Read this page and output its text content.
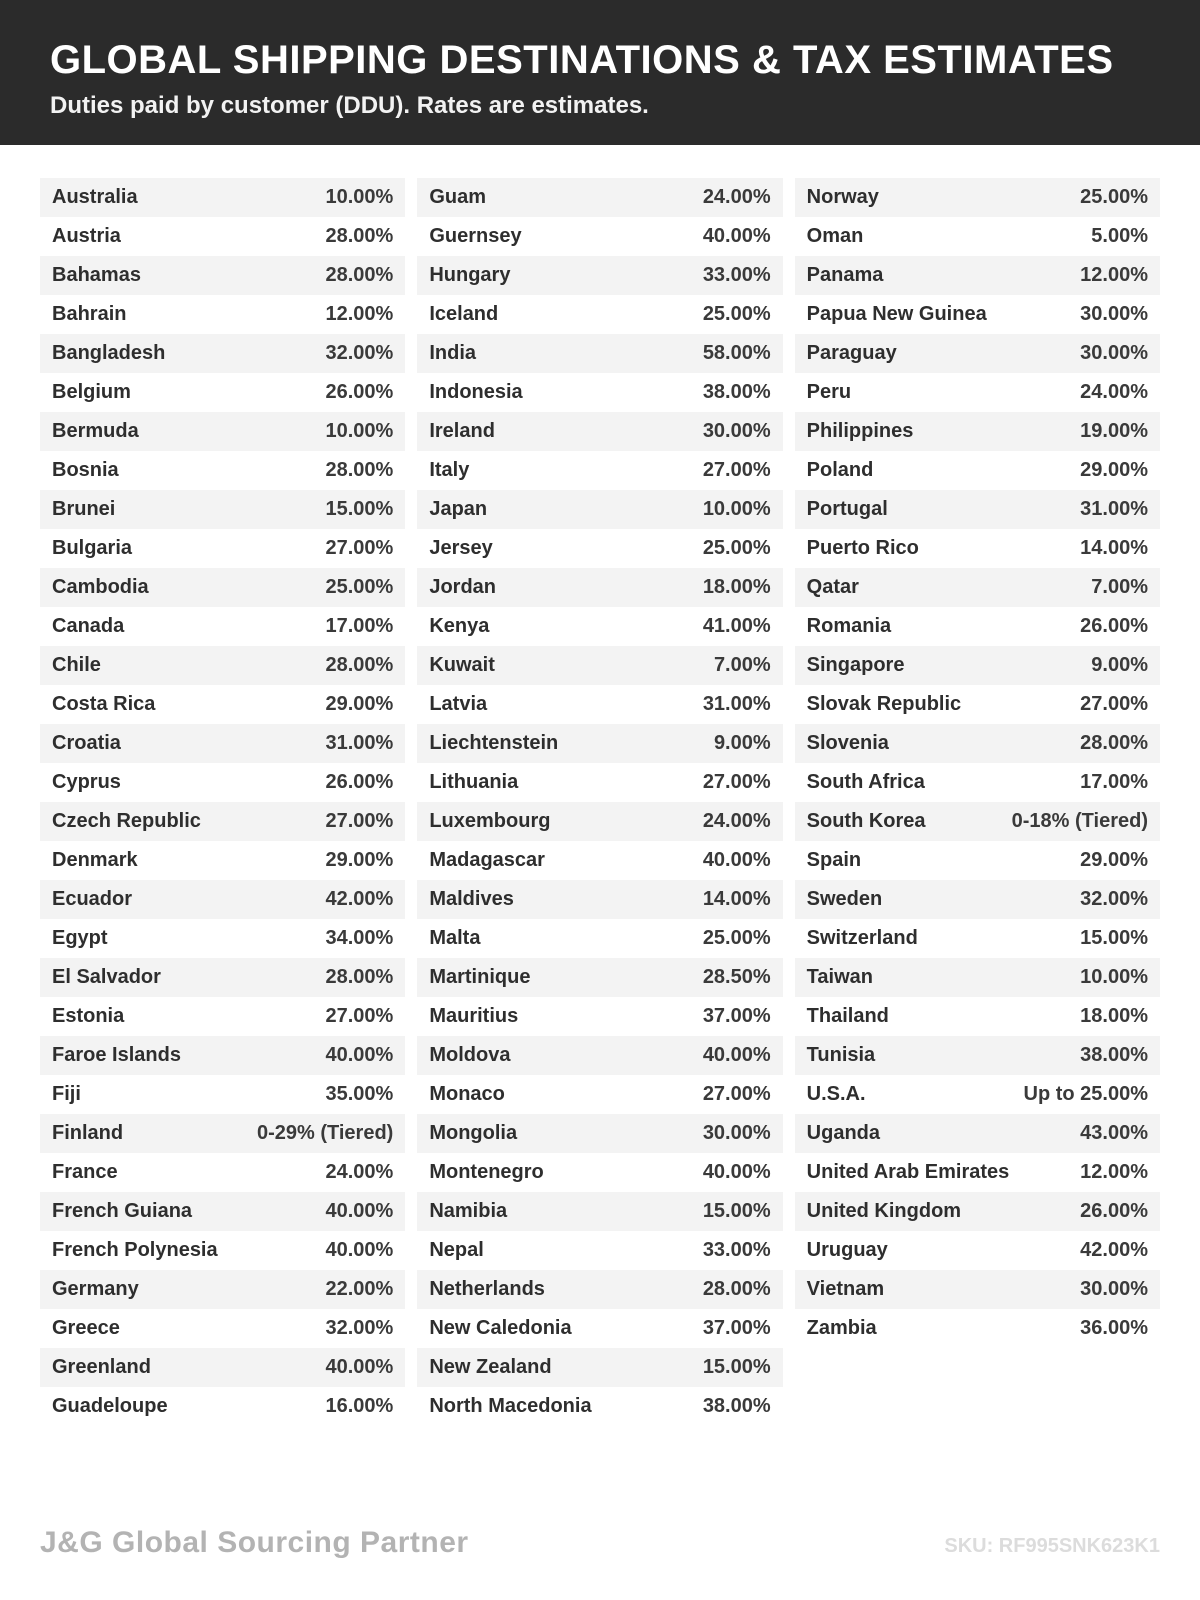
GLOBAL SHIPPING DESTINATIONS & TAX ESTIMATES
Duties paid by customer (DDU). Rates are estimates.
Australia	10.00%
Austria	28.00%
Bahamas	28.00%
Bahrain	12.00%
Bangladesh	32.00%
Belgium	26.00%
Bermuda	10.00%
Bosnia	28.00%
Brunei	15.00%
Bulgaria	27.00%
Cambodia	25.00%
Canada	17.00%
Chile	28.00%
Costa Rica	29.00%
Croatia	31.00%
Cyprus	26.00%
Czech Republic	27.00%
Denmark	29.00%
Ecuador	42.00%
Egypt	34.00%
El Salvador	28.00%
Estonia	27.00%
Faroe Islands	40.00%
Fiji	35.00%
Finland	0-29% (Tiered)
France	24.00%
French Guiana	40.00%
French Polynesia	40.00%
Germany	22.00%
Greece	32.00%
Greenland	40.00%
Guadeloupe	16.00%
Guam	24.00%
Guernsey	40.00%
Hungary	33.00%
Iceland	25.00%
India	58.00%
Indonesia	38.00%
Ireland	30.00%
Italy	27.00%
Japan	10.00%
Jersey	25.00%
Jordan	18.00%
Kenya	41.00%
Kuwait	7.00%
Latvia	31.00%
Liechtenstein	9.00%
Lithuania	27.00%
Luxembourg	24.00%
Madagascar	40.00%
Maldives	14.00%
Malta	25.00%
Martinique	28.50%
Mauritius	37.00%
Moldova	40.00%
Monaco	27.00%
Mongolia	30.00%
Montenegro	40.00%
Namibia	15.00%
Nepal	33.00%
Netherlands	28.00%
New Caledonia	37.00%
New Zealand	15.00%
North Macedonia	38.00%
Norway	25.00%
Oman	5.00%
Panama	12.00%
Papua New Guinea	30.00%
Paraguay	30.00%
Peru	24.00%
Philippines	19.00%
Poland	29.00%
Portugal	31.00%
Puerto Rico	14.00%
Qatar	7.00%
Romania	26.00%
Singapore	9.00%
Slovak Republic	27.00%
Slovenia	28.00%
South Africa	17.00%
South Korea	0-18% (Tiered)
Spain	29.00%
Sweden	32.00%
Switzerland	15.00%
Taiwan	10.00%
Thailand	18.00%
Tunisia	38.00%
U.S.A.	Up to 25.00%
Uganda	43.00%
United Arab Emirates	12.00%
United Kingdom	26.00%
Uruguay	42.00%
Vietnam	30.00%
Zambia	36.00%
J&G Global Sourcing Partner	SKU: RF995SNK623K1
